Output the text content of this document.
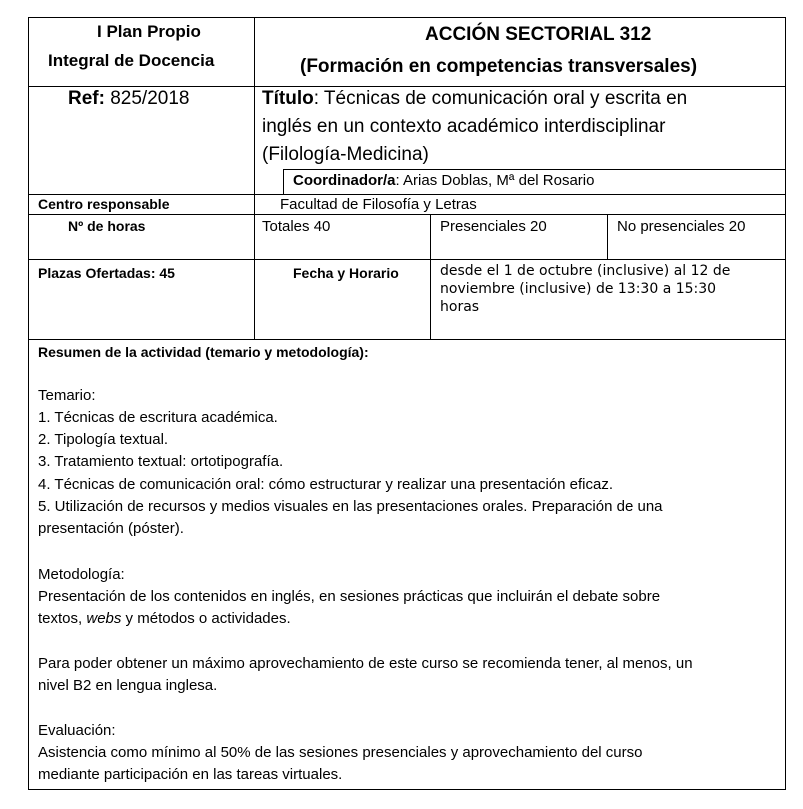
I Plan Propio
Integral de Docencia
ACCIÓN SECTORIAL 312
(Formación en competencias transversales)
Ref: 825/2018	Título: Técnicas de comunicación oral y escrita en
inglés en un contexto académico interdisciplinar
(Filología-Medicina)
Coordinador/a: Arias Doblas, Mª del Rosario
Centro responsable	Facultad de Filosofía y Letras
Nº de horas	Totales 40	Presenciales 20	No presenciales 20
Plazas Ofertadas: 45	Fecha y Horario	desde el 1 de octubre (inclusive) al 12 de
noviembre (inclusive) de 13:30 a 15:30
horas
Resumen de la actividad (temario y metodología):
Temario:
1. Técnicas de escritura académica.
2. Tipología textual.
3. Tratamiento textual: ortotipografía.
4. Técnicas de comunicación oral: cómo estructurar y realizar una presentación eficaz.
5. Utilización de recursos y medios visuales en las presentaciones orales. Preparación de una
presentación (póster).
Metodología:
Presentación de los contenidos en inglés, en sesiones prácticas que incluirán el debate sobre
textos, webs y métodos o actividades.
Para poder obtener un máximo aprovechamiento de este curso se recomienda tener, al menos, un
nivel B2 en lengua inglesa.
Evaluación:
Asistencia como mínimo al 50% de las sesiones presenciales y aprovechamiento del curso
mediante participación en las tareas virtuales.
